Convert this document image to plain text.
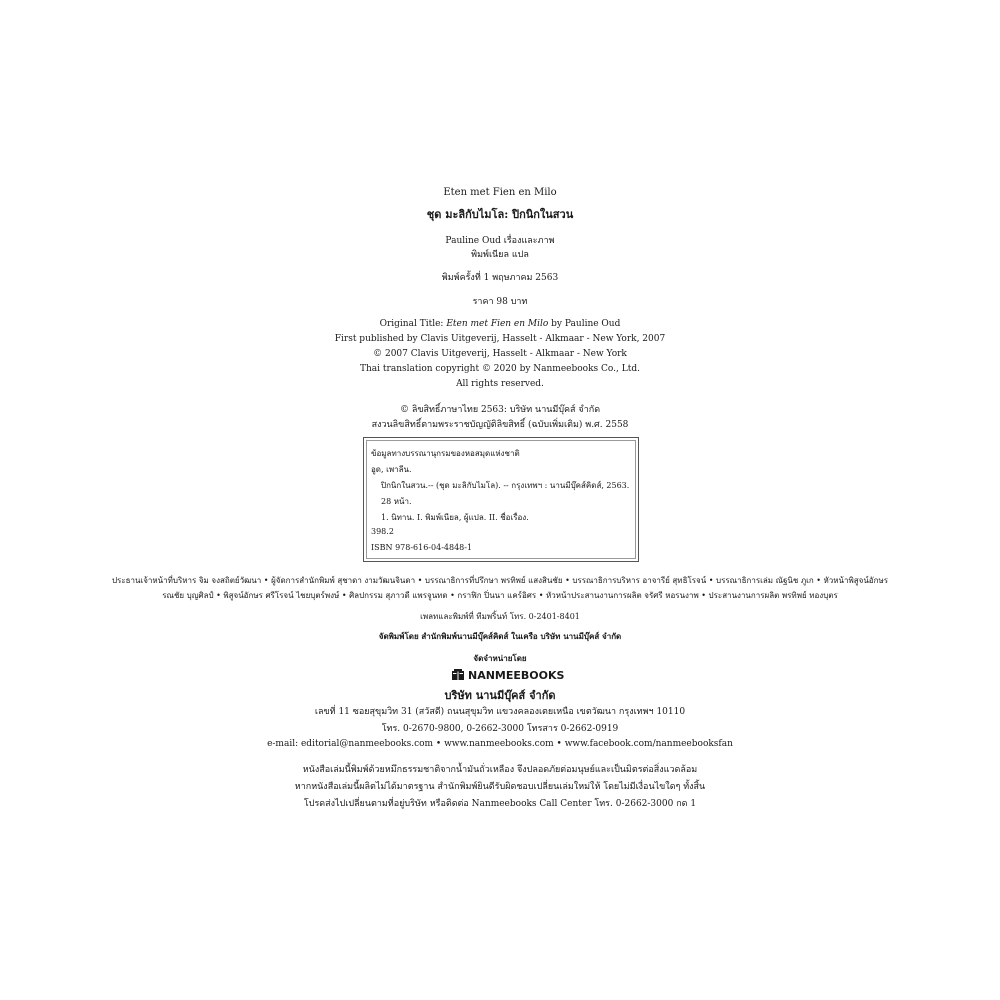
Eten met Fien en Milo
ชุด มะลิกับไมโล: ปิกนิกในสวน
Pauline Oud เรื่องและภาพ
พิมพ์เนียล แปล
พิมพ์ครั้งที่ 1 พฤษภาคม 2563
ราคา 98 บาท
Original Title: Eten met Fien en Milo by Pauline Oud
First published by Clavis Uitgeverij, Hasselt - Alkmaar - New York, 2007
© 2007 Clavis Uitgeverij, Hasselt - Alkmaar - New York
Thai translation copyright © 2020 by Nanmeebooks Co., Ltd.
All rights reserved.
© ลิขสิทธิ์ภาษาไทย 2563: บริษัท นานมีบุ๊คส์ จำกัด
สงวนลิขสิทธิ์ตามพระราชบัญญัติลิขสิทธิ์ (ฉบับเพิ่มเติม) พ.ศ. 2558
ข้อมูลทางบรรณานุกรมของหอสมุดแห่งชาติ
อูด, เพาลีน.
ปิกนิกในสวน.-- (ชุด มะลิกับไมโล). -- กรุงเทพฯ : นานมีบุ๊คส์คิดส์, 2563.
28 หน้า.
1. นิทาน. I. พิมพ์เนียล, ผู้แปล. II. ชื่อเรื่อง.
398.2
ISBN 978-616-04-4848-1
ประธานเจ้าหน้าที่บริหาร จิม จงสถิตย์วัฒนา • ผู้จัดการสำนักพิมพ์ สุชาดา งามวัฒนจินดา • บรรณาธิการที่ปรึกษา พรทิพย์ แสงสินชัย • บรรณาธิการบริหาร อาจารีย์ สุทธิโรจน์ • บรรณาธิการเล่ม ณัฐนิช ภูเก • หัวหน้าพิสูจน์อักษร
รณชัย บุญศิลป์ • พิสูจน์อักษร ศรีโรจน์ ไชยบุตร์พงษ์ • ศิลปกรรม สุภาวดี แพรจูนทด • กราฟิก ปิ่นนา แคร์อิศร • หัวหน้าประสานงานการผลิต จรัศรี หอรนงาพ • ประสานงานการผลิต พรทิพย์ ทองบุตร
เพลทและพิมพ์ที่ ทีมพริ้นท์ โทร. 0-2401-8401
จัดพิมพ์โดย สำนักพิมพ์นานมีบุ๊คส์คิดส์ ในเครือ บริษัท นานมีบุ๊คส์ จำกัด
จัดจำหน่ายโดย
NANMEEBOOKS
บริษัท นานมีบุ๊คส์ จำกัด
เลขที่ 11 ซอยสุขุมวิท 31 (สวัสดี) ถนนสุขุมวิท แขวงคลองเตยเหนือ เขตวัฒนา กรุงเทพฯ 10110
โทร. 0-2670-9800, 0-2662-3000 โทรสาร 0-2662-0919
e-mail: editorial@nanmeebooks.com • www.nanmeebooks.com • www.facebook.com/nanmeebooksfan
หนังสือเล่มนี้พิมพ์ด้วยหมึกธรรมชาติจากน้ำมันถั่วเหลือง จึงปลอดภัยต่อมนุษย์และเป็นมิตรต่อสิ่งแวดล้อม
หากหนังสือเล่มนี้ผลิตไม่ได้มาตรฐาน สำนักพิมพ์ยินดีรับผิดชอบเปลี่ยนเล่มใหม่ให้ โดยไม่มีเงื่อนไขใดๆ ทั้งสิ้น
โปรดส่งไปเปลี่ยนตามที่อยู่บริษัท หรือติดต่อ Nanmeebooks Call Center โทร. 0-2662-3000 กด 1
